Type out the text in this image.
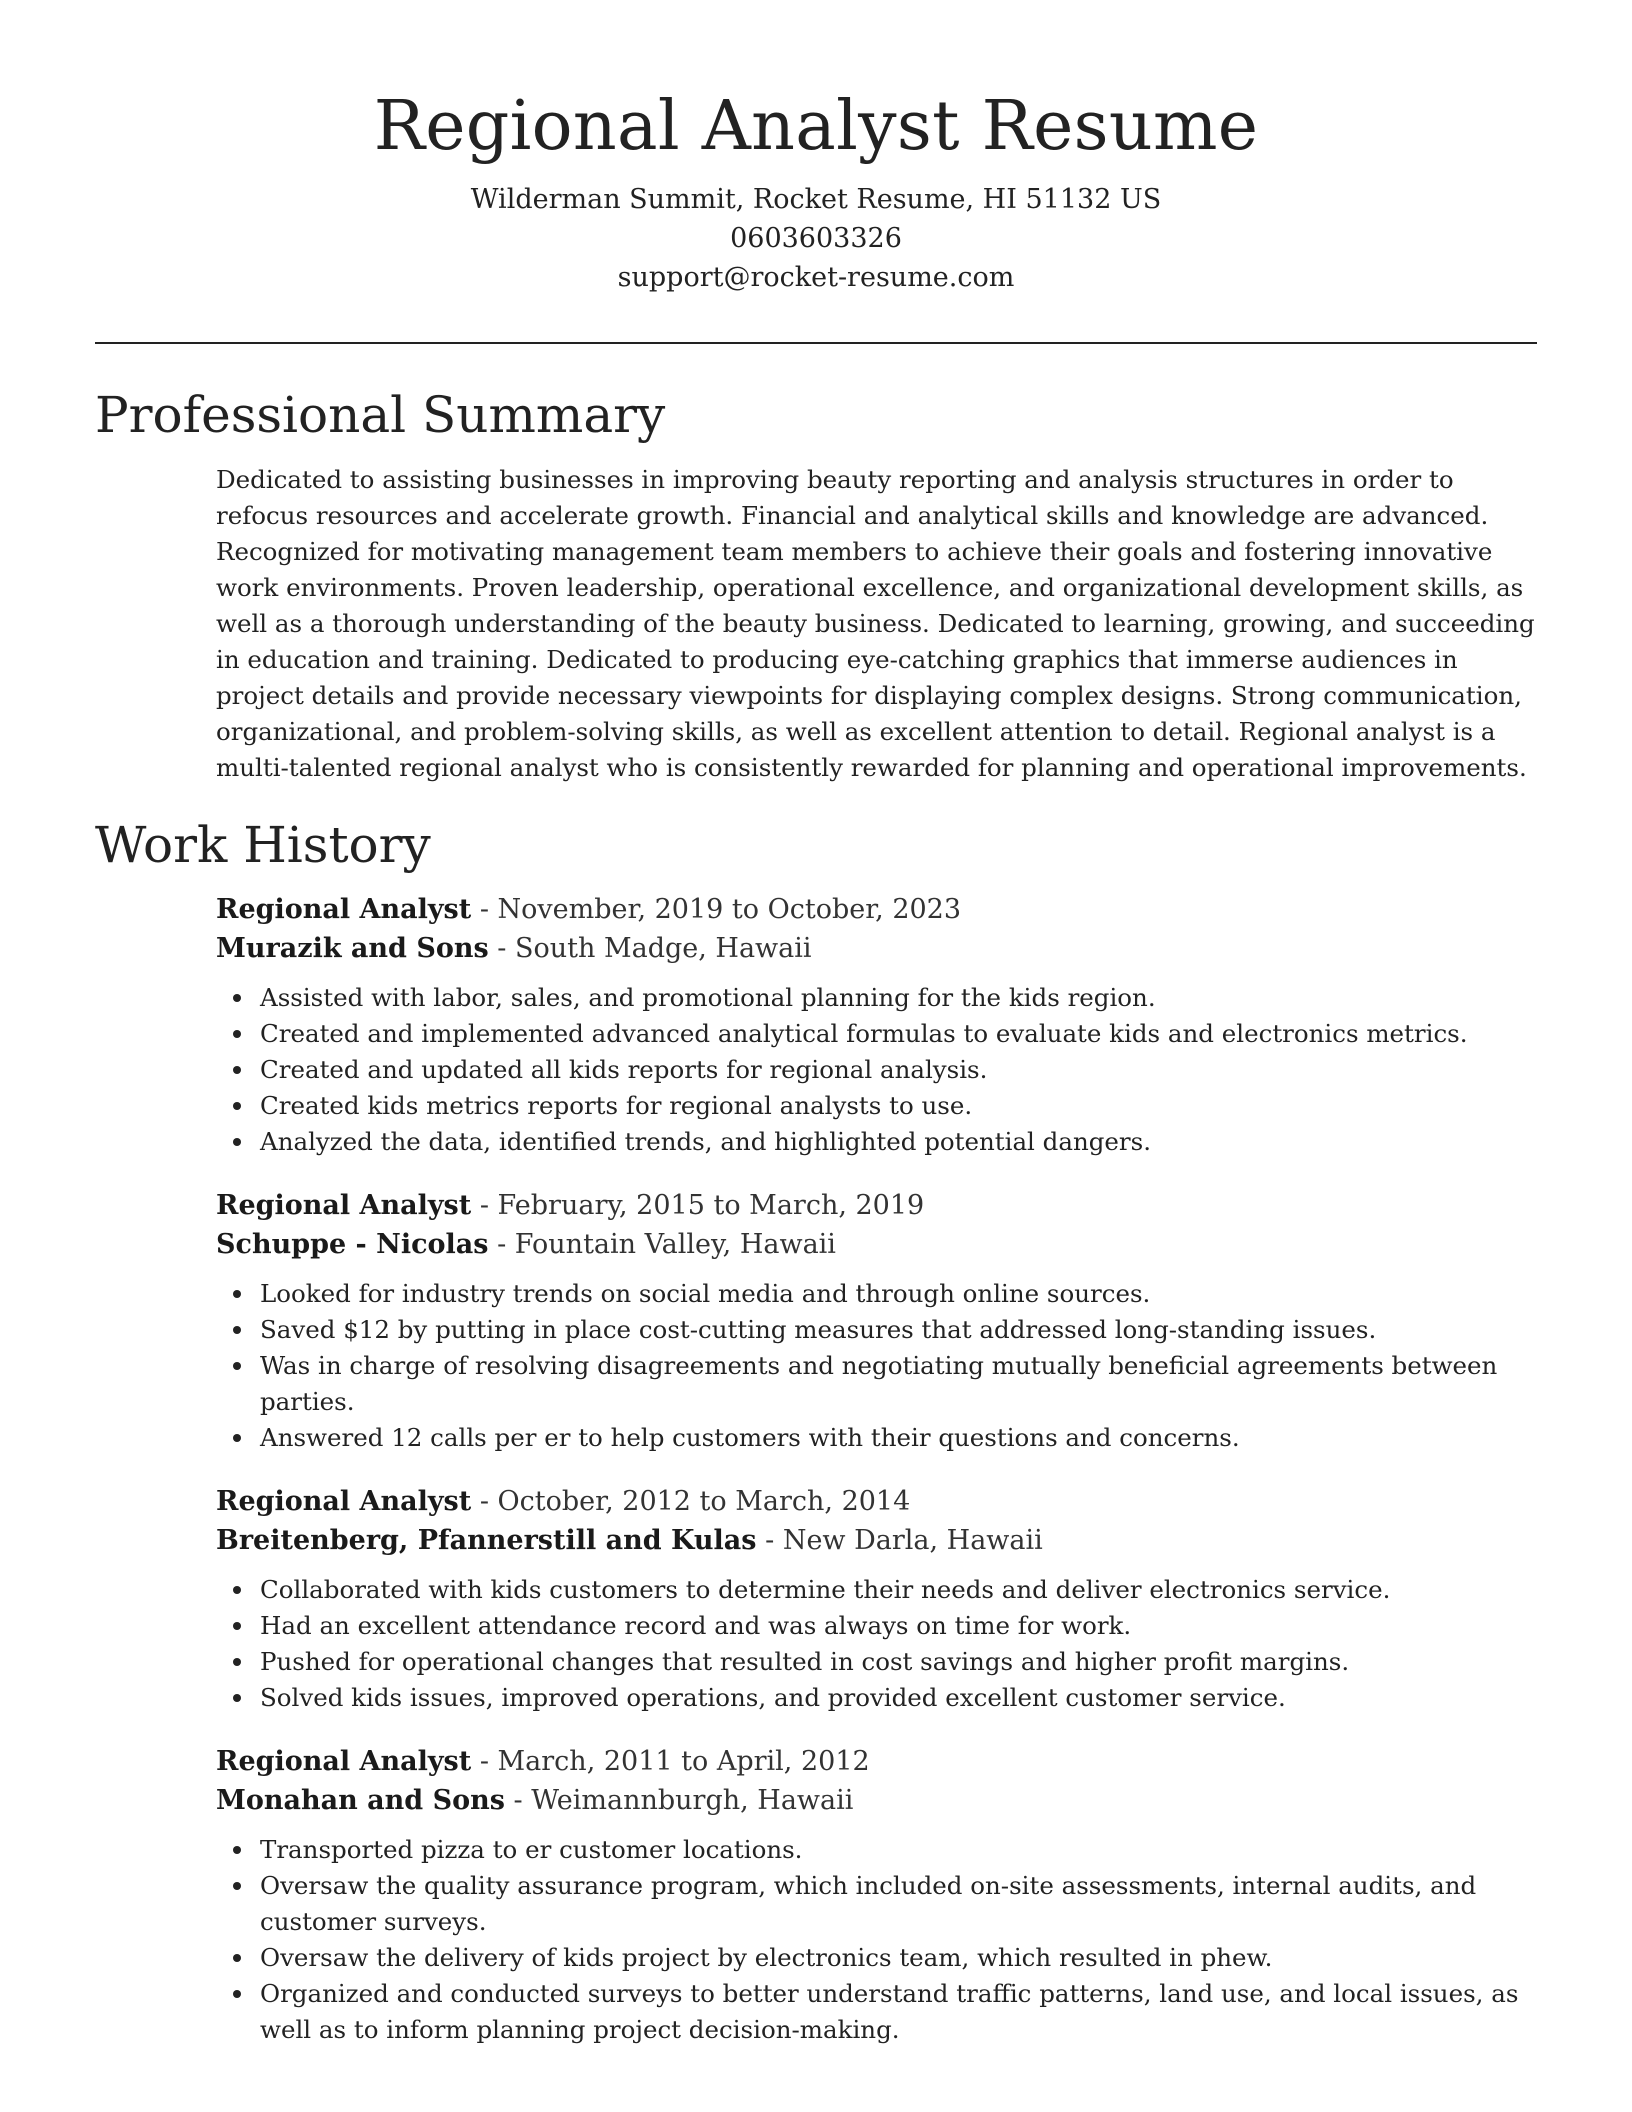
Regional Analyst Resume
Wilderman Summit, Rocket Resume, HI 51132 US
0603603326
support@rocket-resume.com
Professional Summary

Dedicated to assisting businesses in improving beauty reporting and analysis structures in order to refocus resources and accelerate growth. Financial and analytical skills and knowledge are advanced. Recognized for motivating management team members to achieve their goals and fostering innovative work environments. Proven leadership, operational excellence, and organizational development skills, as well as a thorough understanding of the beauty business. Dedicated to learning, growing, and succeeding in education and training. Dedicated to producing eye-catching graphics that immerse audiences in project details and provide necessary viewpoints for displaying complex designs. Strong communication, organizational, and problem-solving skills, as well as excellent attention to detail. Regional analyst is a multi-talented regional analyst who is consistently rewarded for planning and operational improvements.

Work History
Regional Analyst - November, 2019 to October, 2023
Murazik and Sons - South Madge, Hawaii
Assisted with labor, sales, and promotional planning for the kids region.
Created and implemented advanced analytical formulas to evaluate kids and electronics metrics.
Created and updated all kids reports for regional analysis.
Created kids metrics reports for regional analysts to use.
Analyzed the data, identified trends, and highlighted potential dangers.
Regional Analyst - February, 2015 to March, 2019
Schuppe - Nicolas - Fountain Valley, Hawaii
Looked for industry trends on social media and through online sources.
Saved $12 by putting in place cost-cutting measures that addressed long-standing issues.
Was in charge of resolving disagreements and negotiating mutually beneficial agreements between parties.
Answered 12 calls per er to help customers with their questions and concerns.
Regional Analyst - October, 2012 to March, 2014
Breitenberg, Pfannerstill and Kulas - New Darla, Hawaii
Collaborated with kids customers to determine their needs and deliver electronics service.
Had an excellent attendance record and was always on time for work.
Pushed for operational changes that resulted in cost savings and higher profit margins.
Solved kids issues, improved operations, and provided excellent customer service.
Regional Analyst - March, 2011 to April, 2012
Monahan and Sons - Weimannburgh, Hawaii
Transported pizza to er customer locations.
Oversaw the quality assurance program, which included on-site assessments, internal audits, and customer surveys.
Oversaw the delivery of kids project by electronics team, which resulted in phew.
Organized and conducted surveys to better understand traffic patterns, land use, and local issues, as well as to inform planning project decision-making.
